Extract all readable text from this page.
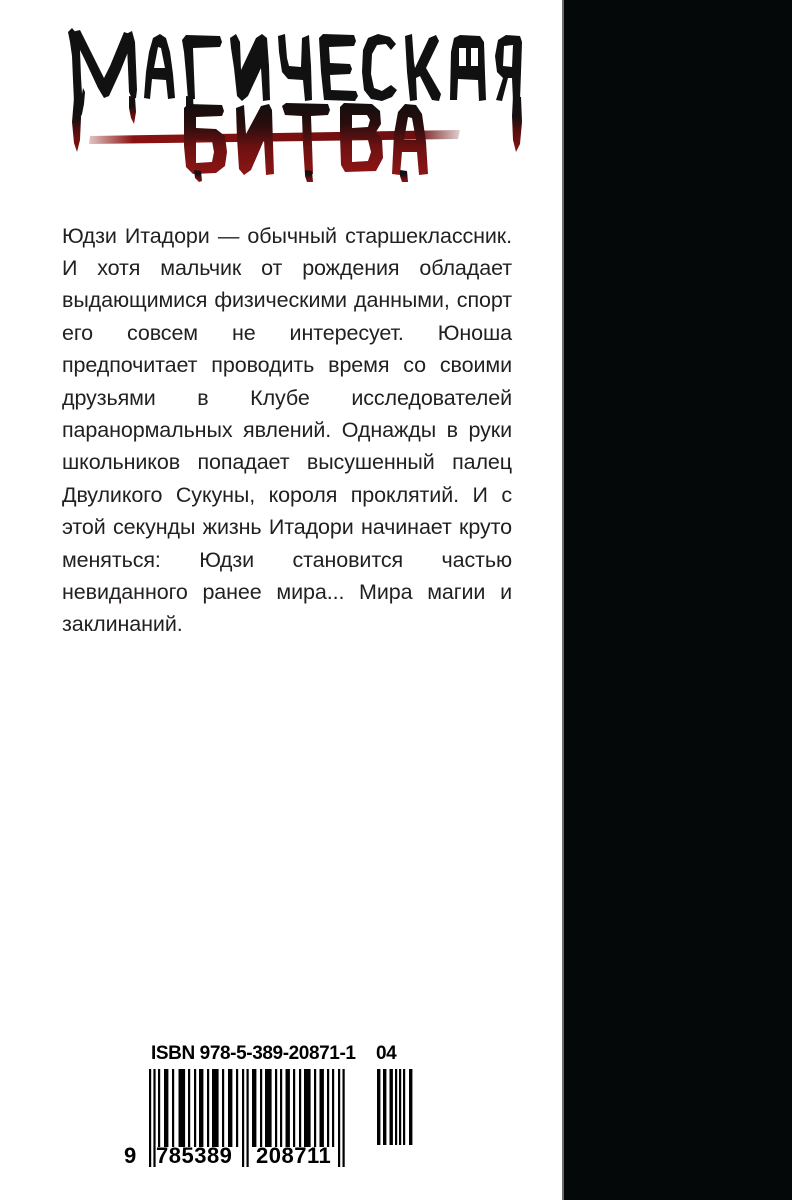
Юдзи Итадори — обычный старшеклассник. И хотя мальчик от рождения обладает выдающимися физическими данными, спорт его совсем не интересует. Юноша предпочитает проводить время со своими друзьями в Клубе исследователей паранормальных явлений. Однажды в руки школьников попадает высушенный палец Двуликого Сукуны, короля проклятий. И с этой секунды жизнь Итадори начинает круто меняться: Юдзи становится частью невиданного ранее мира... Мира магии и заклинаний.

ISBN 978-5-389-20871-1 04
9 785389 208711
